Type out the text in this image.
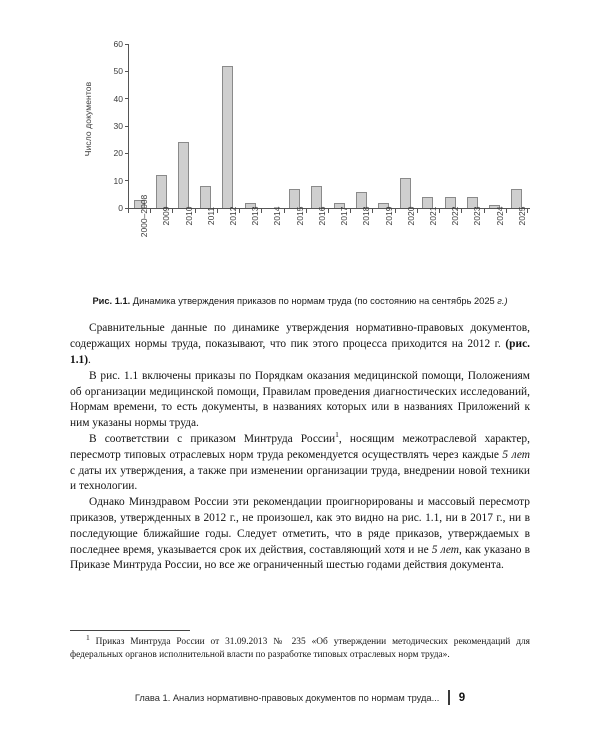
Число документов
0
10
20
30
40
50
60
2000–2008 2009 2010 2011 2012 2013 2014 2015 2016 2017 2018 2019 2020 2021 2022 2023 2024 2025
Рис. 1.1. Динамика утверждения приказов по нормам труда (по состоянию на сентябрь 2025 г.)

Сравнительные данные по динамике утверждения нормативно-правовых документов, содержащих нормы труда, показывают, что пик этого процесса приходится на 2012 г. (рис. 1.1).

В рис. 1.1 включены приказы по Порядкам оказания медицинской помощи, Положениям об организации медицинской помощи, Правилам проведения диагностических исследований, Нормам времени, то есть документы, в названиях которых или в названиях Приложений к ним указаны нормы труда.

В соответствии с приказом Минтруда России$^1$, носящим межотраслевой характер, пересмотр типовых отраслевых норм труда рекомендуется осуществлять через каждые 5 лет с даты их утверждения, а также при изменении организации труда, внедрении новой техники и технологии.

Однако Минздравом России эти рекомендации проигнорированы и массовый пересмотр приказов, утвержденных в 2012 г., не произошел, как это видно на рис. 1.1, ни в 2017 г., ни в последующие ближайшие годы. Следует отметить, что в ряде приказов, утверждаемых в последнее время, указывается срок их действия, составляющий хотя и не 5 лет, как указано в Приказе Минтруда России, но все же ограниченный шестью годами действия документа.

$^1$ Приказ Минтруда России от 31.09.2013 № 235 «Об утверждении методических рекомендаций для федеральных органов исполнительной власти по разработке типовых отраслевых норм труда».

Глава 1. Анализ нормативно-правовых документов по нормам труда... 9
